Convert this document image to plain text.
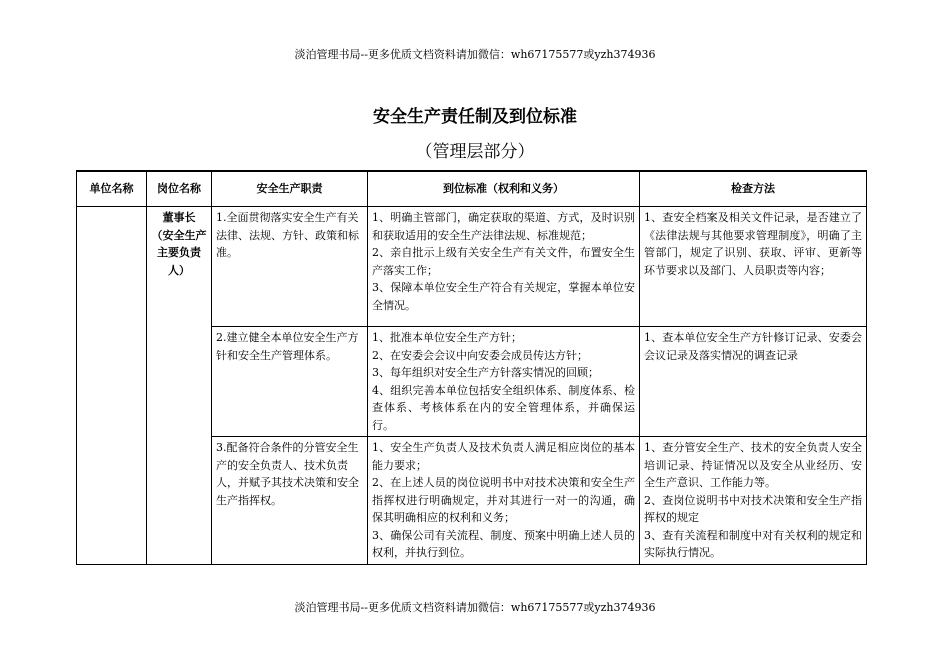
淡泊管理书局--更多优质文档资料请加微信：wh67175577或yzh374936
安全生产责任制及到位标准
（管理层部分）
单位名称	岗位名称	安全生产职责	到位标准（权利和义务）	检查方法

	董事长
（安全生产主要负责人）	1.全面贯彻落实安全生产有关法律、法规、方针、政策和标准。	1、明确主管部门，确定获取的渠道、方式，及时识别和获取适用的安全生产法律法规、标准规范；
2、亲自批示上级有关安全生产有关文件，布置安全生产落实工作；
3、保障本单位安全生产符合有关规定，掌握本单位安全情况。	1、查安全档案及相关文件记录，是否建立了《法律法规与其他要求管理制度》，明确了主管部门，规定了识别、获取、评审、更新等环节要求以及部门、人员职责等内容；

		2.建立健全本单位安全生产方针和安全生产管理体系。	1、批准本单位安全生产方针；
2、在安委会会议中向安委会成员传达方针；
3、每年组织对安全生产方针落实情况的回顾；
4、组织完善本单位包括安全组织体系、制度体系、检查体系、考核体系在内的安全管理体系，并确保运行。	1、查本单位安全生产方针修订记录、安委会会议记录及落实情况的调查记录

		3.配备符合条件的分管安全生产的安全负责人、技术负责人，并赋予其技术决策和安全生产指挥权。	1、安全生产负责人及技术负责人满足相应岗位的基本能力要求；
2、在上述人员的岗位说明书中对技术决策和安全生产指挥权进行明确规定，并对其进行一对一的沟通，确保其明确相应的权利和义务；
3、确保公司有关流程、制度、预案中明确上述人员的权利，并执行到位。	1、查分管安全生产、技术的安全负责人安全培训记录、持证情况以及安全从业经历、安全生产意识、工作能力等。
2、查岗位说明书中对技术决策和安全生产指挥权的规定
3、查有关流程和制度中对有关权利的规定和实际执行情况。
淡泊管理书局--更多优质文档资料请加微信：wh67175577或yzh374936
